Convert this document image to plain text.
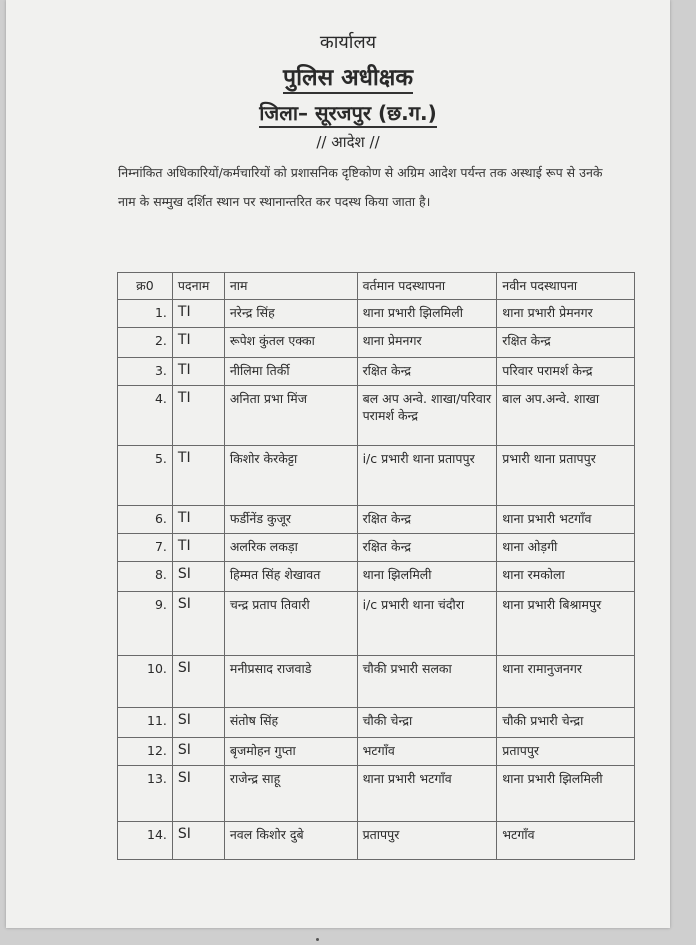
कार्यालय
पुलिस अधीक्षक
जिला– सूरजपुर (छ.ग.)
// आदेश //
निम्नांकित अधिकारियों/कर्मचारियों को प्रशासनिक दृष्टिकोण से अग्रिम आदेश पर्यन्त तक अस्थाई रूप से उनके नाम के सम्मुख दर्शित स्थान पर स्थानान्तरित कर पदस्थ किया जाता है।
क्र0	पदनाम	नाम	वर्तमान पदस्थापना	नवीन पदस्थापना
1.	TI	नरेन्द्र सिंह	थाना प्रभारी झिलमिली	थाना प्रभारी प्रेमनगर
2.	TI	रूपेश कुंतल एक्का	थाना प्रेमनगर	रक्षित केन्द्र
3.	TI	नीलिमा तिर्की	रक्षित केन्द्र	परिवार परामर्श केन्द्र
4.	TI	अनिता प्रभा मिंज	बल अप अन्वे. शाखा/परिवार परामर्श केन्द्र	बाल अप.अन्वे. शाखा
5.	TI	किशोर केरकेट्टा	i/c प्रभारी थाना प्रतापपुर	प्रभारी थाना प्रतापपुर
6.	TI	फर्डीनेंड कुजूर	रक्षित केन्द्र	थाना प्रभारी भटगाँव
7.	TI	अलरिक लकड़ा	रक्षित केन्द्र	थाना ओड़गी
8.	SI	हिम्मत सिंह शेखावत	थाना झिलमिली	थाना रमकोला
9.	SI	चन्द्र प्रताप तिवारी	i/c प्रभारी थाना चंदौरा	थाना प्रभारी बिश्रामपुर
10.	SI	मनीप्रसाद राजवाडे	चौकी प्रभारी सलका	थाना रामानुजनगर
11.	SI	संतोष सिंह	चौकी चेन्द्रा	चौकी प्रभारी चेन्द्रा
12.	SI	बृजमोहन गुप्ता	भटगाँव	प्रतापपुर
13.	SI	राजेन्द्र साहू	थाना प्रभारी भटगाँव	थाना प्रभारी झिलमिली
14.	SI	नवल किशोर दुबे	प्रतापपुर	भटगाँव
